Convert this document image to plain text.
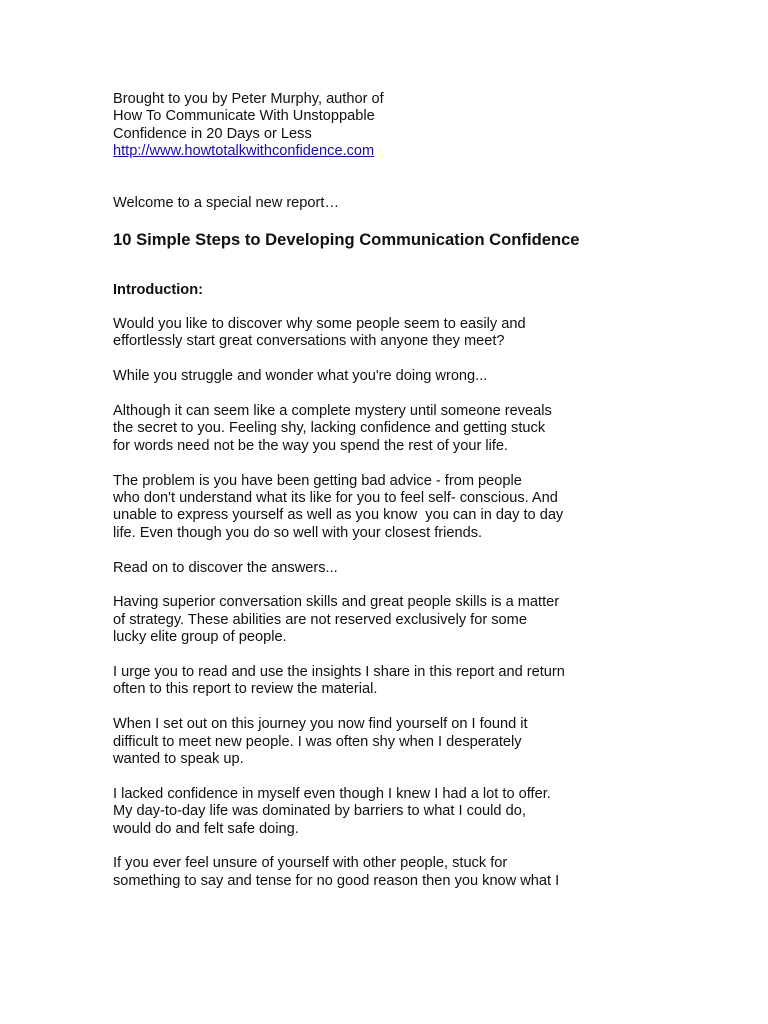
Brought to you by Peter Murphy, author of
How To Communicate With Unstoppable
Confidence in 20 Days or Less
http://www.howtotalkwithconfidence.com
Welcome to a special new report…
10 Simple Steps to Developing Communication Confidence
Introduction:
Would you like to discover why some people seem to easily and
effortlessly start great conversations with anyone they meet?
While you struggle and wonder what you're doing wrong...
Although it can seem like a complete mystery until someone reveals
the secret to you. Feeling shy, lacking confidence and getting stuck
for words need not be the way you spend the rest of your life.
The problem is you have been getting bad advice - from people
who don't understand what its like for you to feel self- conscious. And
unable to express yourself as well as you know  you can in day to day
life. Even though you do so well with your closest friends.
Read on to discover the answers...
Having superior conversation skills and great people skills is a matter
of strategy. These abilities are not reserved exclusively for some
lucky elite group of people.
I urge you to read and use the insights I share in this report and return
often to this report to review the material.
When I set out on this journey you now find yourself on I found it
difficult to meet new people. I was often shy when I desperately
wanted to speak up.
I lacked confidence in myself even though I knew I had a lot to offer.
My day-to-day life was dominated by barriers to what I could do,
would do and felt safe doing.
If you ever feel unsure of yourself with other people, stuck for
something to say and tense for no good reason then you know what I
